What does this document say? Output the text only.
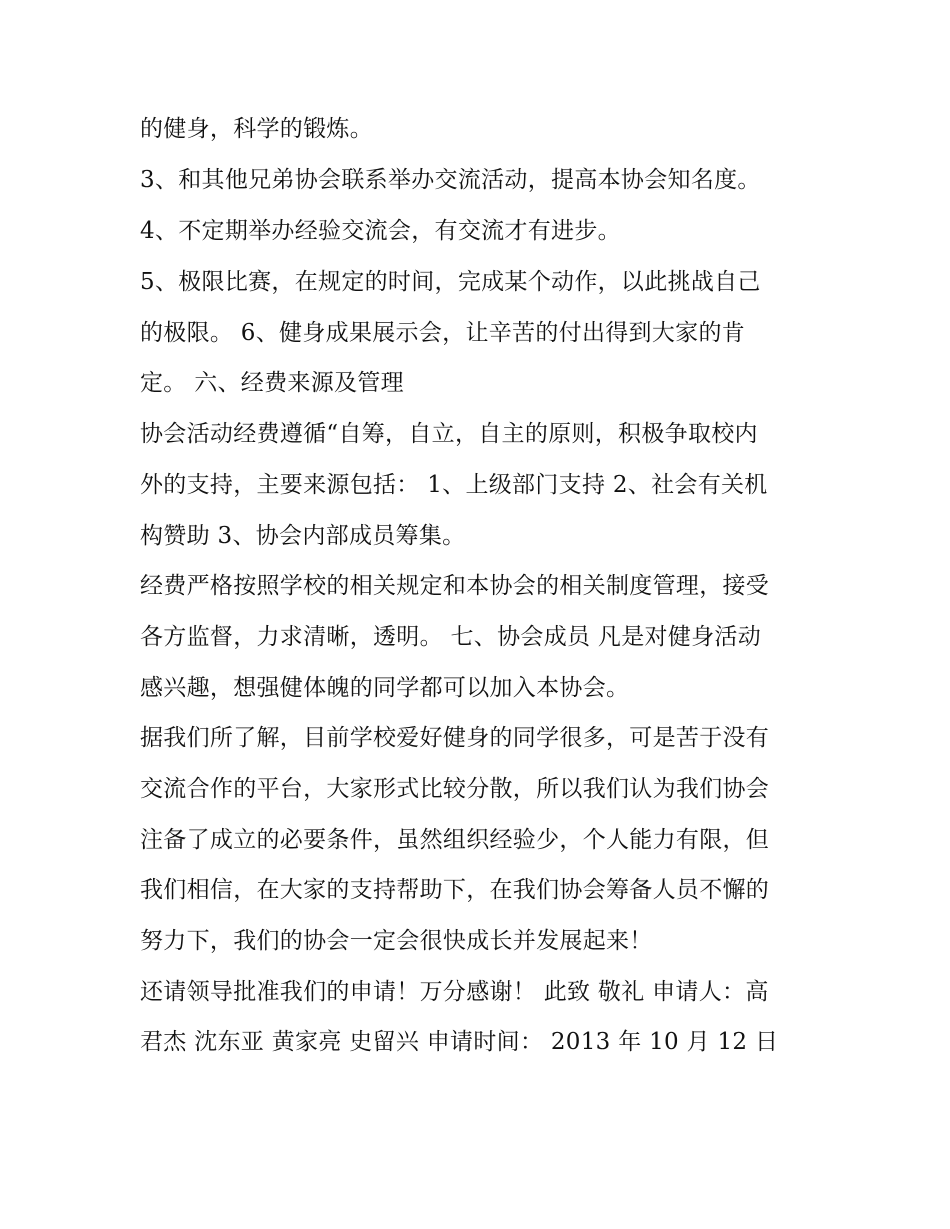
的健身，科学的锻炼。
3、和其他兄弟协会联系举办交流活动，提高本协会知名度。
4、不定期举办经验交流会，有交流才有进步。
5、极限比赛，在规定的时间，完成某个动作，以此挑战自己
的极限。 6、健身成果展示会，让辛苦的付出得到大家的肯
定。 六、经费来源及管理
协会活动经费遵循“自筹，自立，自主的原则，积极争取校内
外的支持，主要来源包括： 1、上级部门支持 2、社会有关机
构赞助 3、协会内部成员筹集。
经费严格按照学校的相关规定和本协会的相关制度管理，接受
各方监督，力求清晰，透明。 七、协会成员 凡是对健身活动
感兴趣，想强健体魄的同学都可以加入本协会。
据我们所了解，目前学校爱好健身的同学很多，可是苦于没有
交流合作的平台，大家形式比较分散，所以我们认为我们协会
注备了成立的必要条件，虽然组织经验少，个人能力有限，但
我们相信，在大家的支持帮助下，在我们协会筹备人员不懈的
努力下，我们的协会一定会很快成长并发展起来！
还请领导批准我们的申请！万分感谢！ 此致 敬礼 申请人：高
君杰 沈东亚 黄家亮 史留兴 申请时间： 2013 年 10 月 12 日
